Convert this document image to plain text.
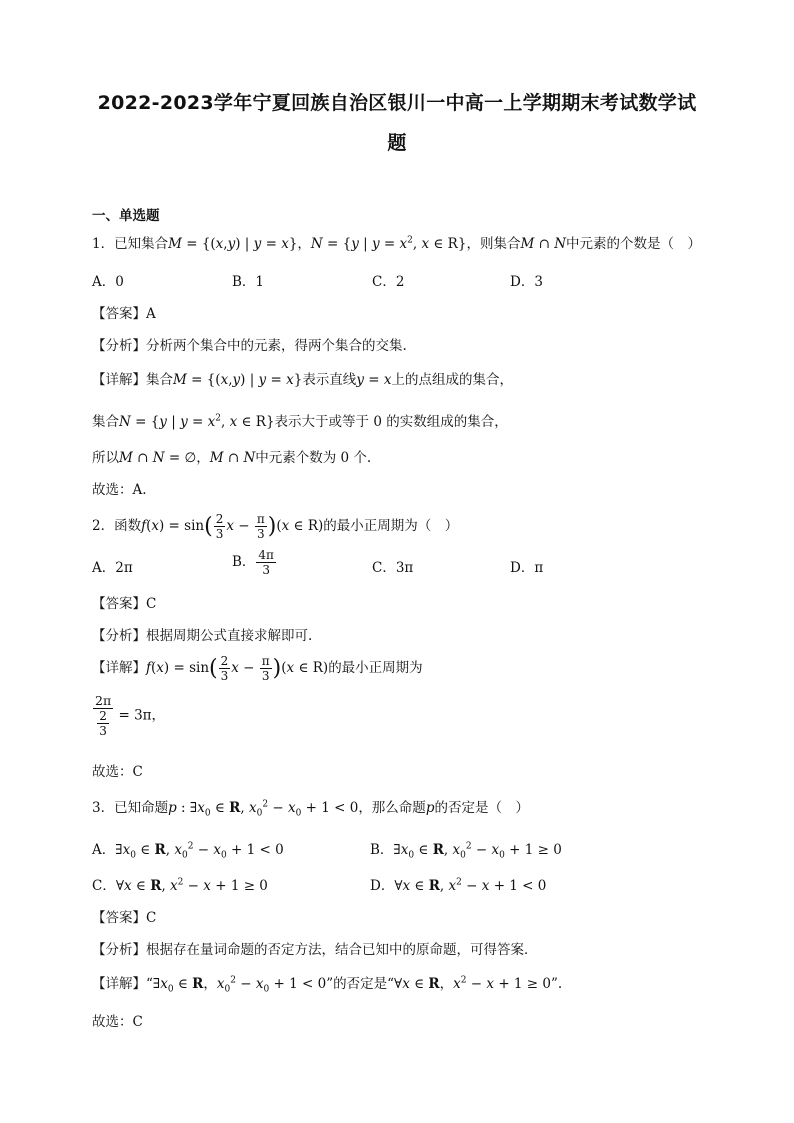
2022-2023学年宁夏回族自治区银川一中高一上学期期末考试数学试
题
一、单选题
1．已知集合M = {(x,y) | y = x}，N = {y | $y = x^2$, x ∈ R}，则集合M ∩ N中元素的个数是（　）
A．0	B．1	C．2	D．3
【答案】A
【分析】分析两个集合中的元素，得两个集合的交集.
【详解】集合M = {(x,y) | y = x}表示直线y = x上的点组成的集合，
集合N = {y | $y = x^2$, x ∈ R}表示大于或等于 0 的实数组成的集合，
所以M ∩ N = ∅，M ∩ N中元素个数为 0 个.
故选：A.
2．函数$f(x) = \sin( \frac{2}{3}$ $x - \frac{\pi}{3} )(x$ ∈ R)的最小正周期为（　）
A．2π	B． $\frac{4\pi}{3}$	C．3π	D．π
【答案】C
【分析】根据周期公式直接求解即可.
【详解】$f(x) = \sin( \frac{2}{3}$ $x - \frac{\pi}{3} )(x$ ∈ R)的最小正周期为
$\frac{2\pi}{\frac{2}{3}} = 3\pi$，
故选：C
3．已知命题p : $\exists x_0$ ∈ R, $x_0^2 - x_0 + 1 < 0$，那么命题p的否定是（　）
A．$\exists x_0$ ∈ R, $x_0^2 - x_0 + 1 < 0$	B．$\exists x_0$ ∈ R, $x_0^2 - x_0 + 1 \ge 0$
C．∀x ∈ R, $x^2 - x + 1 \ge 0$	D．∀x ∈ R, $x^2 - x + 1 < 0$
【答案】C
【分析】根据存在量词命题的否定方法，结合已知中的原命题，可得答案．
【详解】“$\exists x_0$ ∈ R，$x_0^2 - x_0 + 1 < 0$”的否定是“∀x ∈ R，$x^2 - x + 1 \ge 0$”.
故选：C
